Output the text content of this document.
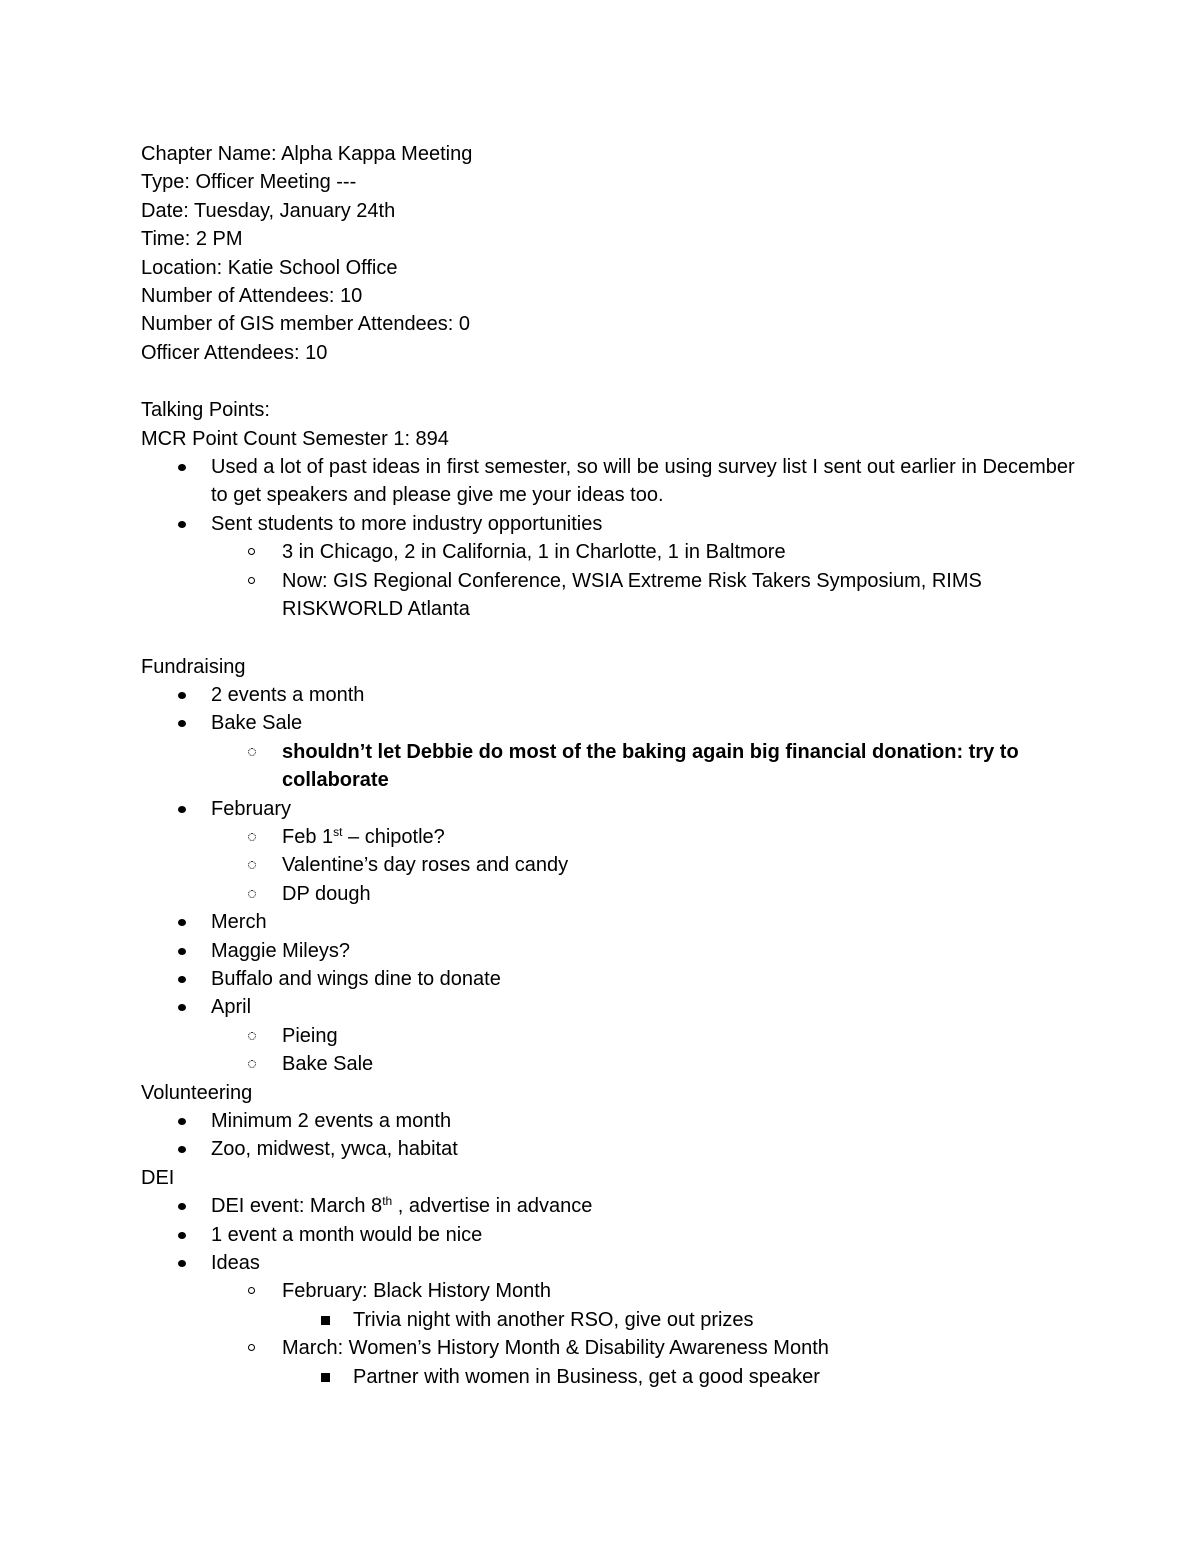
Chapter Name: Alpha Kappa Meeting

Type: Officer Meeting ---

Date: Tuesday, January 24th

Time: 2 PM

Location: Katie School Office

Number of Attendees: 10

Number of GIS member Attendees: 0

Officer Attendees: 10

Talking Points:

MCR Point Count Semester 1: 894

Used a lot of past ideas in first semester, so will be using survey list I sent out earlier in December to get speakers and please give me your ideas too.
Sent students to more industry opportunities
3 in Chicago, 2 in California, 1 in Charlotte, 1 in Baltmore
Now: GIS Regional Conference, WSIA Extreme Risk Takers Symposium, RIMS RISKWORLD Atlanta

Fundraising

2 events a month
Bake Sale
shouldn’t let Debbie do most of the baking again big financial donation: try to collaborate
February
Feb 1st – chipotle?
Valentine’s day roses and candy
DP dough
Merch
Maggie Mileys?
Buffalo and wings dine to donate
April
Pieing
Bake Sale

Volunteering

Minimum 2 events a month
Zoo, midwest, ywca, habitat

DEI

DEI event: March 8th , advertise in advance
1 event a month would be nice
Ideas
February: Black History Month
Trivia night with another RSO, give out prizes
March: Women’s History Month & Disability Awareness Month
Partner with women in Business, get a good speaker
